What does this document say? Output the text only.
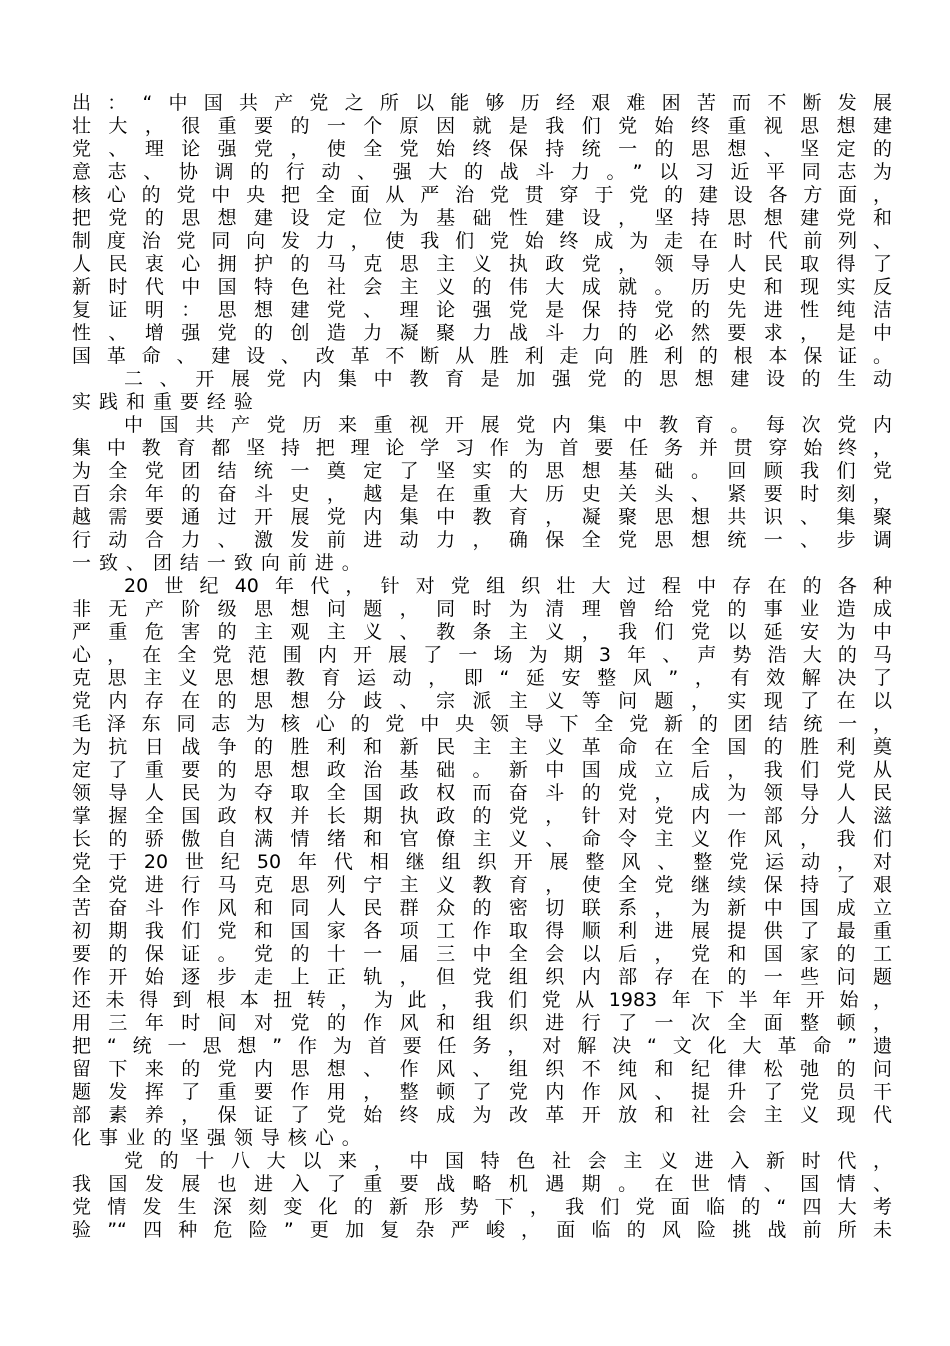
出：“中国共产党之所以能够历经艰难困苦而不断发展
壮大，很重要的一个原因就是我们党始终重视思想建
党、理论强党，使全党始终保持统一的思想、坚定的
意志、协调的行动、强大的战斗力。”以习近平同志为
核心的党中央把全面从严治党贯穿于党的建设各方面，
把党的思想建设定位为基础性建设，坚持思想建党和
制度治党同向发力，使我们党始终成为走在时代前列、
人民衷心拥护的马克思主义执政党，领导人民取得了
新时代中国特色社会主义的伟大成就。历史和现实反
复证明：思想建党、理论强党是保持党的先进性纯洁
性、增强党的创造力凝聚力战斗力的必然要求，是中
国革命、建设、改革不断从胜利走向胜利的根本保证。
二、开展党内集中教育是加强党的思想建设的生动
实践和重要经验
中国共产党历来重视开展党内集中教育。每次党内
集中教育都坚持把理论学习作为首要任务并贯穿始终，
为全党团结统一奠定了坚实的思想基础。回顾我们党
百余年的奋斗史，越是在重大历史关头、紧要时刻，
越需要通过开展党内集中教育，凝聚思想共识、集聚
行动合力、激发前进动力，确保全党思想统一、步调
一致、团结一致向前进。
20世纪40年代，针对党组织壮大过程中存在的各种
非无产阶级思想问题，同时为清理曾给党的事业造成
严重危害的主观主义、教条主义，我们党以延安为中
心，在全党范围内开展了一场为期3年、声势浩大的马
克思主义思想教育运动，即“延安整风”，有效解决了
党内存在的思想分歧、宗派主义等问题，实现了在以
毛泽东同志为核心的党中央领导下全党新的团结统一，
为抗日战争的胜利和新民主主义革命在全国的胜利奠
定了重要的思想政治基础。新中国成立后，我们党从
领导人民为夺取全国政权而奋斗的党，成为领导人民
掌握全国政权并长期执政的党，针对党内一部分人滋
长的骄傲自满情绪和官僚主义、命令主义作风，我们
党于20世纪50年代相继组织开展整风、整党运动，对
全党进行马克思列宁主义教育，使全党继续保持了艰
苦奋斗作风和同人民群众的密切联系，为新中国成立
初期我们党和国家各项工作取得顺利进展提供了最重
要的保证。党的十一届三中全会以后，党和国家的工
作开始逐步走上正轨，但党组织内部存在的一些问题
还未得到根本扭转，为此，我们党从1983年下半年开始，
用三年时间对党的作风和组织进行了一次全面整顿，
把“统一思想”作为首要任务，对解决“文化大革命”遗
留下来的党内思想、作风、组织不纯和纪律松弛的问
题发挥了重要作用，整顿了党内作风、提升了党员干
部素养，保证了党始终成为改革开放和社会主义现代
化事业的坚强领导核心。
党的十八大以来，中国特色社会主义进入新时代，
我国发展也进入了重要战略机遇期。在世情、国情、
党情发生深刻变化的新形势下，我们党面临的“四大考
验”“四种危险”更加复杂严峻，面临的风险挑战前所未
